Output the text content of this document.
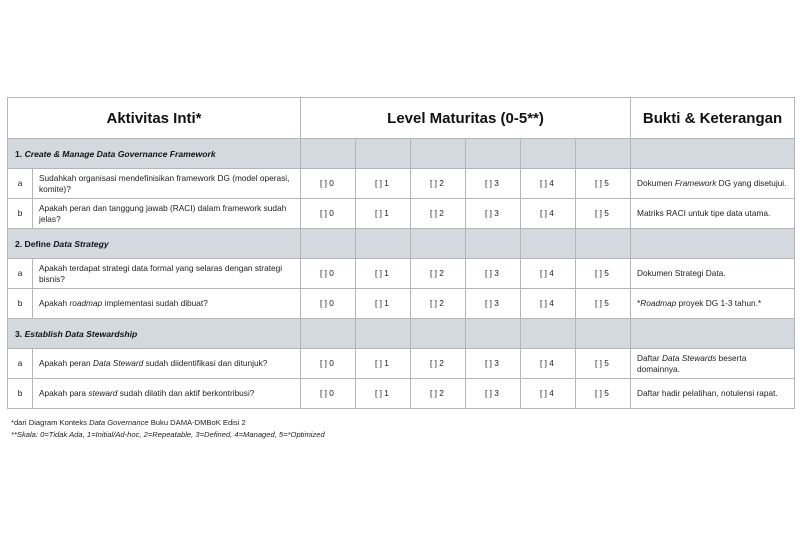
Aktivitas Inti*		Level Maturitas (0-5**)						Bukti & Keterangan
1. Create & Manage Data Governance Framework								
a	Sudahkah organisasi mendefinisikan framework DG (model operasi, komite)?	[ ] 0	[ ] 1	[ ] 2	[ ] 3	[ ] 4	[ ] 5	Dokumen Framework DG yang disetujui.
b	Apakah peran dan tanggung jawab (RACI) dalam framework sudah jelas?	[ ] 0	[ ] 1	[ ] 2	[ ] 3	[ ] 4	[ ] 5	Matriks RACI untuk tipe data utama.
2. Define Data Strategy								
a	Apakah terdapat strategi data formal yang selaras dengan strategi bisnis?	[ ] 0	[ ] 1	[ ] 2	[ ] 3	[ ] 4	[ ] 5	Dokumen Strategi Data.
b	Apakah roadmap implementasi sudah dibuat?	[ ] 0	[ ] 1	[ ] 2	[ ] 3	[ ] 4	[ ] 5	*Roadmap proyek DG 1-3 tahun.*
3. Establish Data Stewardship								
a	Apakah peran Data Steward sudah diidentifikasi dan ditunjuk?	[ ] 0	[ ] 1	[ ] 2	[ ] 3	[ ] 4	[ ] 5	Daftar Data Stewards beserta domainnya.
b	Apakah para steward sudah dilatih dan aktif berkontribusi?	[ ] 0	[ ] 1	[ ] 2	[ ] 3	[ ] 4	[ ] 5	Daftar hadir pelatihan, notulensi rapat.
*dari Diagram Konteks Data Governance Buku DAMA-DMBoK Edisi 2
**Skala: 0=Tidak Ada, 1=Initial/Ad-hoc, 2=Repeatable, 3=Defined, 4=Managed, 5=*Optimized
